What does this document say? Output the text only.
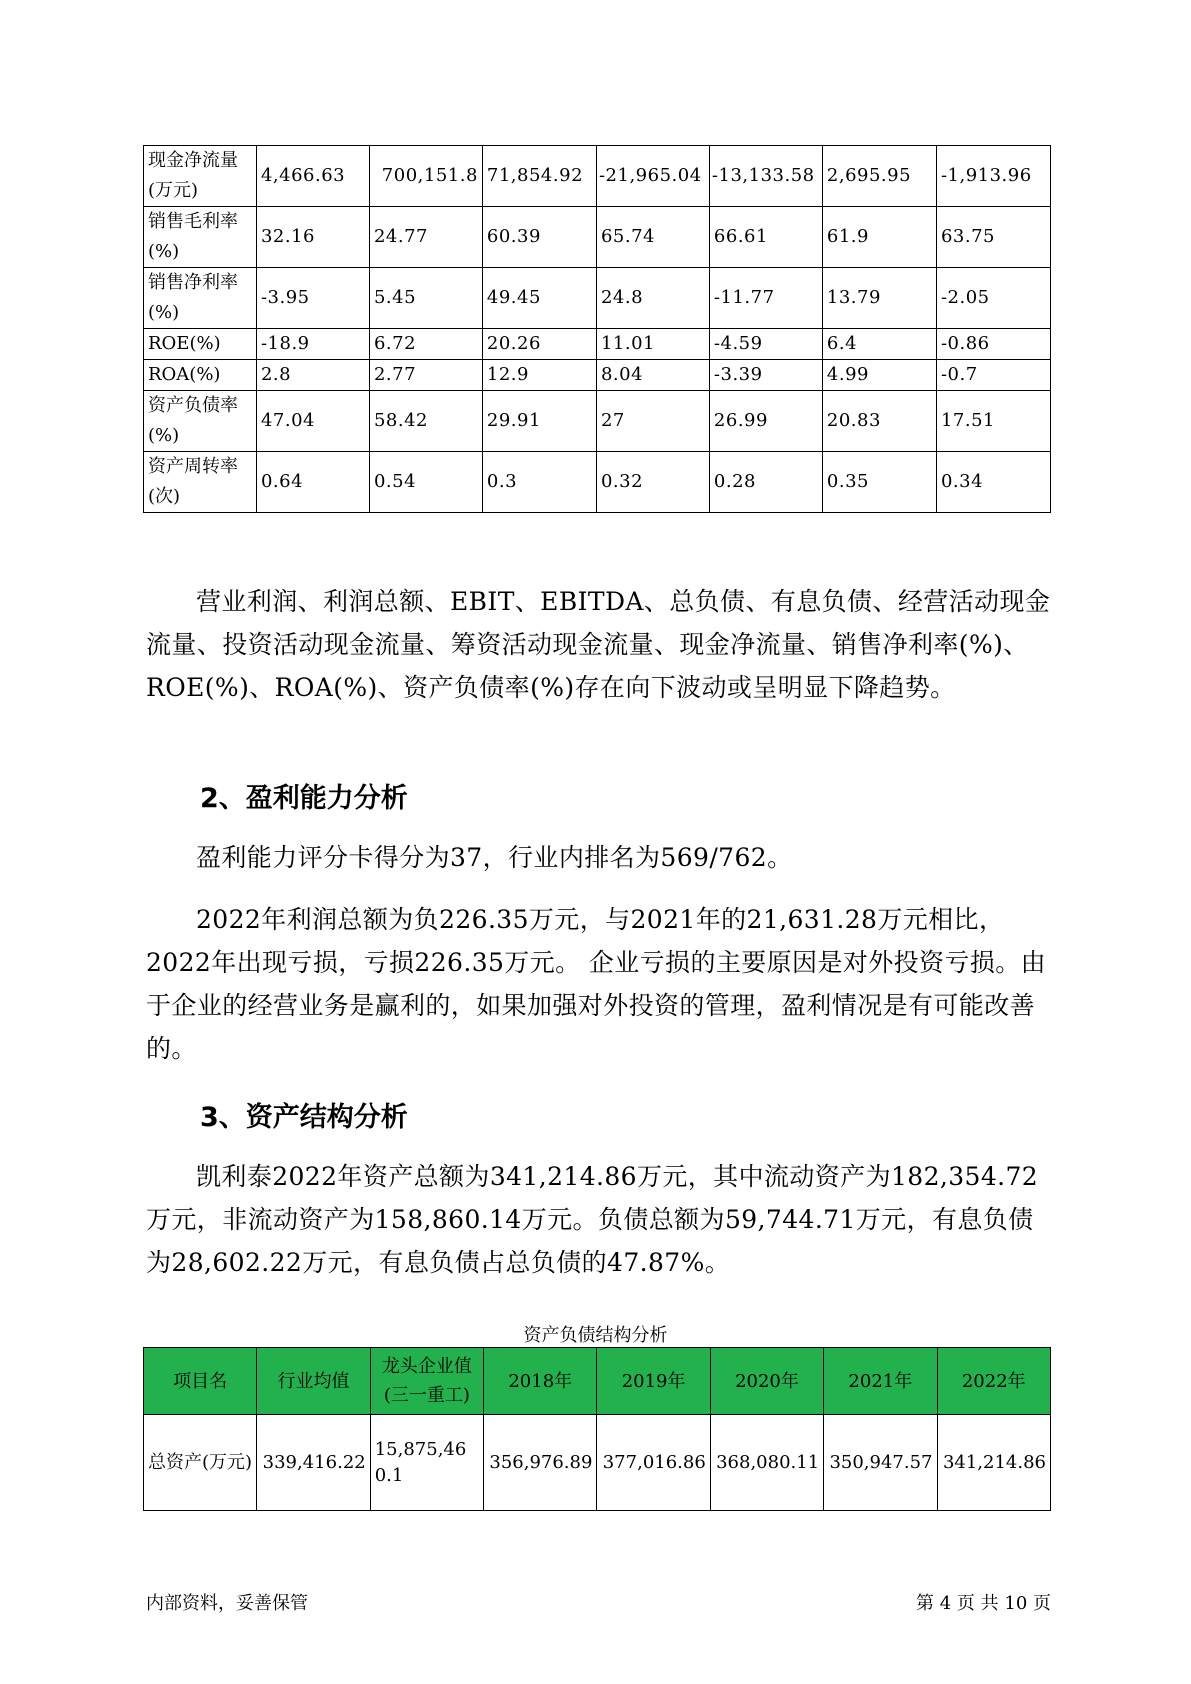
现金净流量(万元)	4,466.63	700,151.8	71,854.92	-21,965.04	-13,133.58	2,695.95	-1,913.96
销售毛利率(%)	32.16	24.77	60.39	65.74	66.61	61.9	63.75
销售净利率(%)	-3.95	5.45	49.45	24.8	-11.77	13.79	-2.05
ROE(%)	-18.9	6.72	20.26	11.01	-4.59	6.4	-0.86
ROA(%)	2.8	2.77	12.9	8.04	-3.39	4.99	-0.7
资产负债率(%)	47.04	58.42	29.91	27	26.99	20.83	17.51
资产周转率(次)	0.64	0.54	0.3	0.32	0.28	0.35	0.34

营业利润、利润总额、EBIT、EBITDA、总负债、有息负债、经营活动现金流量、投资活动现金流量、筹资活动现金流量、现金净流量、销售净利率(%)、ROE(%)、ROA(%)、资产负债率(%)存在向下波动或呈明显下降趋势。

2、盈利能力分析

盈利能力评分卡得分为37，行业内排名为569/762。

2022年利润总额为负226.35万元，与2021年的21,631.28万元相比，2022年出现亏损，亏损226.35万元。 企业亏损的主要原因是对外投资亏损。由于企业的经营业务是赢利的，如果加强对外投资的管理，盈利情况是有可能改善的。

3、资产结构分析

凯利泰2022年资产总额为341,214.86万元，其中流动资产为182,354.72万元，非流动资产为158,860.14万元。负债总额为59,744.71万元，有息负债为28,602.22万元，有息负债占总负债的47.87%。

资产负债结构分析

项目名	行业均值	龙头企业值(三一重工)	2018年	2019年	2020年	2021年	2022年
总资产(万元)	339,416.22	15,875,460.1	356,976.89	377,016.86	368,080.11	350,947.57	341,214.86

内部资料，妥善保管	第 4 页 共 10 页
